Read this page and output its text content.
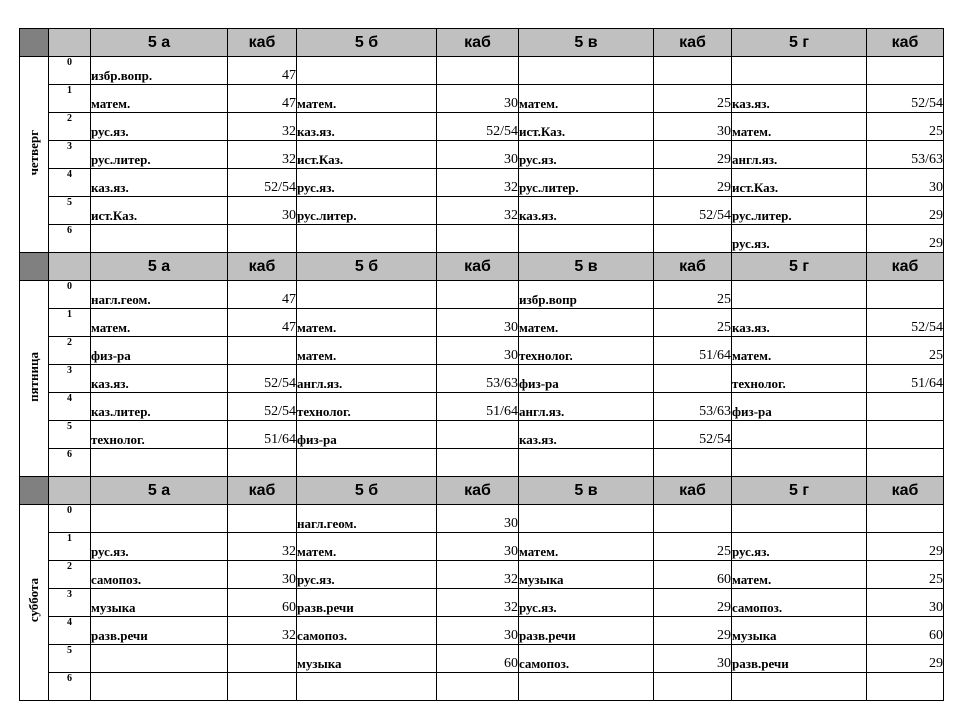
		5 а	каб	5 б	каб	5 в	каб	5 г	каб
четверг	0	избр.вопр.	47						
	1	матем.	47	матем.	30	матем.	25	каз.яз.	52/54
	2	рус.яз.	32	каз.яз.	52/54	ист.Каз.	30	матем.	25
	3	рус.литер.	32	ист.Каз.	30	рус.яз.	29	англ.яз.	53/63
	4	каз.яз.	52/54	рус.яз.	32	рус.литер.	29	ист.Каз.	30
	5	ист.Каз.	30	рус.литер.	32	каз.яз.	52/54	рус.литер.	29
	6							рус.яз.	29
		5 а	каб	5 б	каб	5 в	каб	5 г	каб
пятница	0	нагл.геом.	47			избр.вопр	25		
	1	матем.	47	матем.	30	матем.	25	каз.яз.	52/54
	2	физ-ра		матем.	30	технолог.	51/64	матем.	25
	3	каз.яз.	52/54	англ.яз.	53/63	физ-ра		технолог.	51/64
	4	каз.литер.	52/54	технолог.	51/64	англ.яз.	53/63	физ-ра	
	5	технолог.	51/64	физ-ра		каз.яз.	52/54		
	6								
		5 а	каб	5 б	каб	5 в	каб	5 г	каб
суббота	0			нагл.геом.	30				
	1	рус.яз.	32	матем.	30	матем.	25	рус.яз.	29
	2	самопоз.	30	рус.яз.	32	музыка	60	матем.	25
	3	музыка	60	разв.речи	32	рус.яз.	29	самопоз.	30
	4	разв.речи	32	самопоз.	30	разв.речи	29	музыка	60
	5			музыка	60	самопоз.	30	разв.речи	29
	6								
